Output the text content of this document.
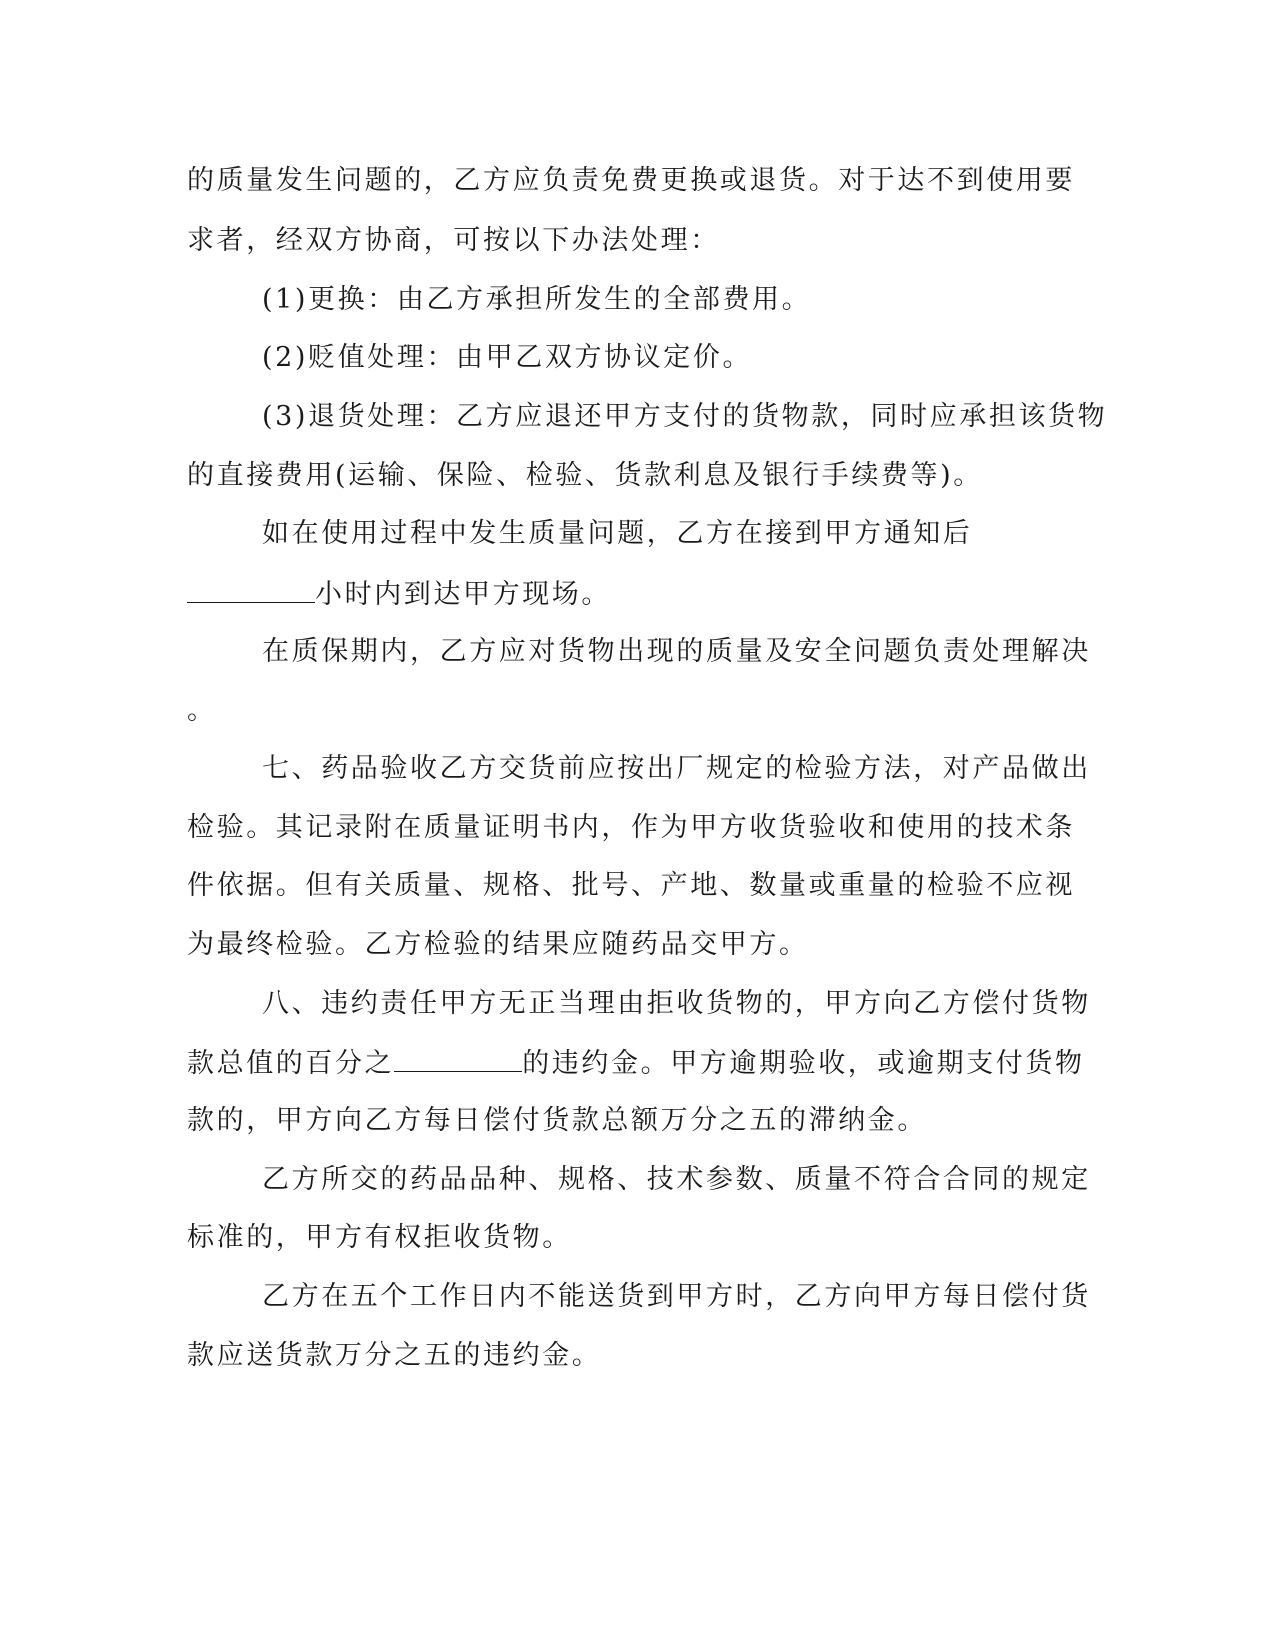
的质量发生问题的，乙方应负责免费更换或退货。对于达不到使用要
求者，经双方协商，可按以下办法处理：
(1)更换：由乙方承担所发生的全部费用。
(2)贬值处理：由甲乙双方协议定价。
(3)退货处理：乙方应退还甲方支付的货物款，同时应承担该货物
的直接费用(运输、保险、检验、货款利息及银行手续费等)。
如在使用过程中发生质量问题，乙方在接到甲方通知后
小时内到达甲方现场。
在质保期内，乙方应对货物出现的质量及安全问题负责处理解决
。
七、药品验收乙方交货前应按出厂规定的检验方法，对产品做出
检验。其记录附在质量证明书内，作为甲方收货验收和使用的技术条
件依据。但有关质量、规格、批号、产地、数量或重量的检验不应视
为最终检验。乙方检验的结果应随药品交甲方。
八、违约责任甲方无正当理由拒收货物的，甲方向乙方偿付货物
款总值的百分之	的违约金。甲方逾期验收，或逾期支付货物
款的，甲方向乙方每日偿付货款总额万分之五的滞纳金。
乙方所交的药品品种、规格、技术参数、质量不符合合同的规定
标准的，甲方有权拒收货物。
乙方在五个工作日内不能送货到甲方时，乙方向甲方每日偿付货
款应送货款万分之五的违约金。
